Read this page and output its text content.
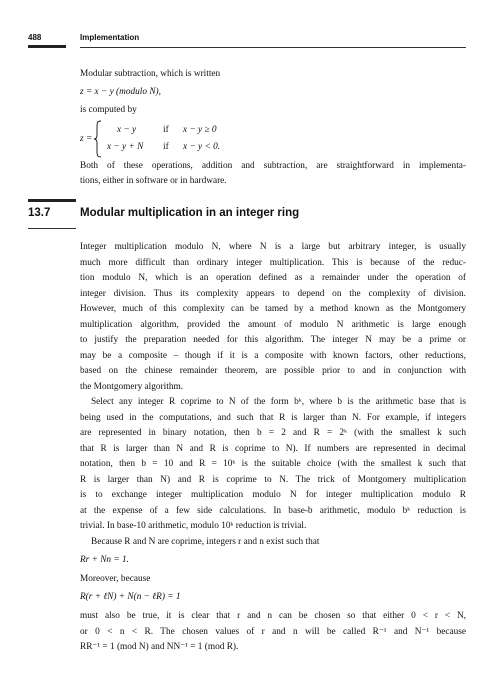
488	Implementation
Modular subtraction, which is written
z = x − y (modulo N),
is computed by
z =
x − y	if x − y ≥ 0
x − y + N if x − y < 0.
Both of these operations, addition and subtraction, are straightforward in implementa-
tions, either in software or in hardware.
13.7	Modular multiplication in an integer ring
Integer multiplication modulo N, where N is a large but arbitrary integer, is usually
much more difficult than ordinary integer multiplication. This is because of the reduc-
tion modulo N, which is an operation defined as a remainder under the operation of
integer division. Thus its complexity appears to depend on the complexity of division.
However, much of this complexity can be tamed by a method known as the Montgomery
multiplication algorithm, provided the amount of modulo N arithmetic is large enough
to justify the preparation needed for this algorithm. The integer N may be a prime or
may be a composite – though if it is a composite with known factors, other reductions,
based on the chinese remainder theorem, are possible prior to and in conjunction with
the Montgomery algorithm.
Select any integer R coprime to N of the form bᵏ, where b is the arithmetic base that is
being used in the computations, and such that R is larger than N. For example, if integers
are represented in binary notation, then b = 2 and R = 2ᵏ (with the smallest k such
that R is larger than N and R is coprime to N). If numbers are represented in decimal
notation, then b = 10 and R = 10ᵏ is the suitable choice (with the smallest k such that
R is larger than N) and R is coprime to N. The trick of Montgomery multiplication
is to exchange integer multiplication modulo N for integer multiplication modulo R
at the expense of a few side calculations. In base-b arithmetic, modulo bᵏ reduction is
trivial. In base-10 arithmetic, modulo 10ᵏ reduction is trivial.
Because R and N are coprime, integers r and n exist such that
Rr + Nn = 1.
Moreover, because
R(r + ℓN) + N(n − ℓR) = 1
must also be true, it is clear that r and n can be chosen so that either 0 < r < N,
or 0 < n < R. The chosen values of r and n will be called R⁻¹ and N⁻¹ because
RR⁻¹ = 1 (mod N) and NN⁻¹ = 1 (mod R).
